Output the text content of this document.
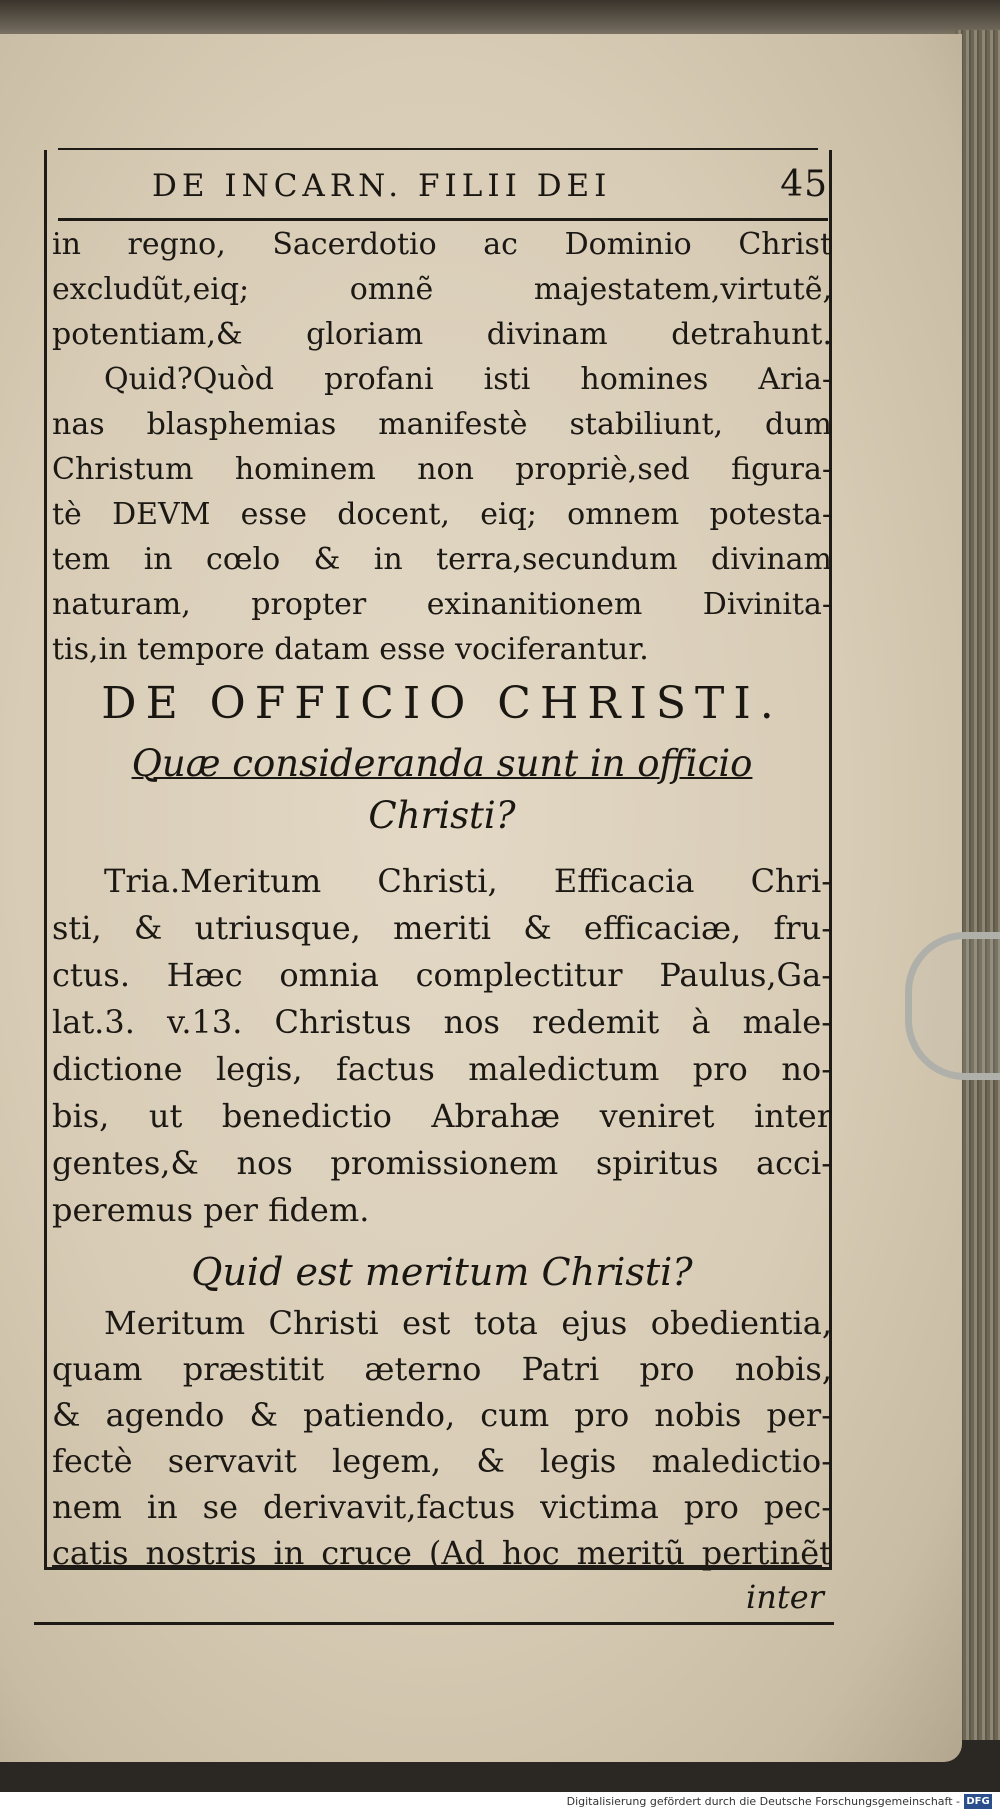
DE INCARN. FILII DEI	45

in regno, Sacerdotio ac Dominio Christ
excludũt,eiq; omnẽ majestatem,virtutẽ,
potentiam,& gloriam divinam detrahunt.

Quid?Quòd profani isti homines Aria-
nas blasphemias manifestè stabiliunt, dum
Christum hominem non propriè,sed figura-
tè DEVM esse docent, eiq; omnem potesta-
tem in cœlo & in terra,secundum divinam
naturam, propter exinanitionem Divinita-
tis,in tempore datam esse vociferantur.

DE OFFICIO CHRISTI.
Quæ consideranda sunt in officio
Christi?
Tria.Meritum Christi, Efficacia Chri-
sti, & utriusque, meriti & efficaciæ, fru-
ctus. Hæc omnia complectitur Paulus,Ga-
lat.3. v.13. Christus nos redemit à male-
dictione legis, factus maledictum pro no-
bis, ut benedictio Abrahæ veniret inter
gentes,& nos promissionem spiritus acci-
peremus per fidem.
Quid est meritum Christi?
Meritum Christi est tota ejus obedientia,
quam præstitit æterno Patri pro nobis,
& agendo & patiendo, cum pro nobis per-
fectè servavit legem, & legis maledictio-
nem in se derivavit,factus victima pro pec-
catis nostris in cruce (Ad hoc meritũ pertinẽt
inter
Digitalisierung gefördert durch die Deutsche Forschungsgemeinschaft - DFG
